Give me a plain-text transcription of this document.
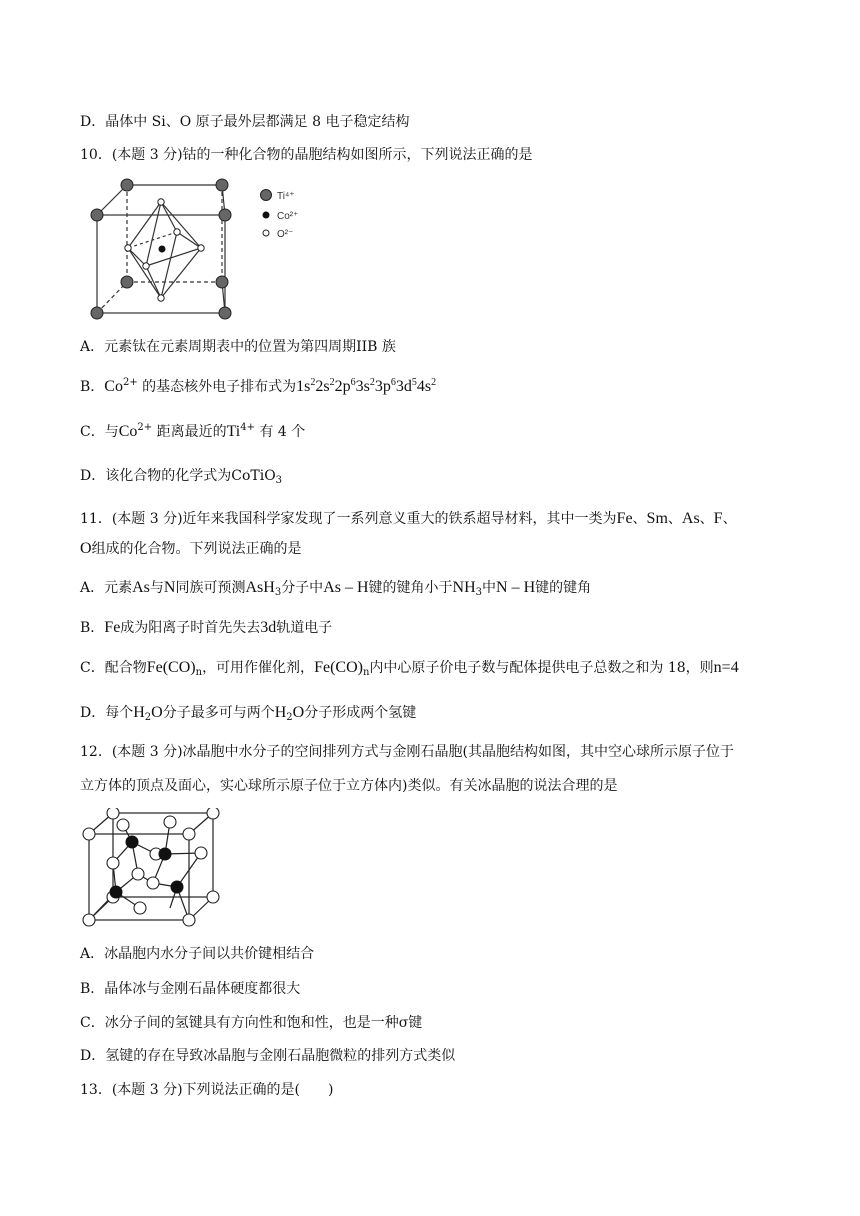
D．晶体中 Si、O 原子最外层都满足 8 电子稳定结构
10．(本题 3 分)钴的一种化合物的晶胞结构如图所示，下列说法正确的是
Ti⁴⁺
Co²⁺
O²⁻
A．元素钛在元素周期表中的位置为第四周期IIB 族
B．$Co^{2+}$ 的基态核外电子排布式为$1s^22s^22p^63s^23p^63d^54s^2$
C．与$Co^{2+}$ 距离最近的$Ti^{4+}$ 有 4 个
D．该化合物的化学式为CoTiO$_3$
11．(本题 3 分)近年来我国科学家发现了一系列意义重大的铁系超导材料，其中一类为Fe、Sm、As、F、
O组成的化合物。下列说法正确的是
A．元素As与N同族可预测AsH$_3$分子中As – H键的键角小于$NH_3$中N – H键的键角
B．Fe成为阳离子时首先失去3d轨道电子
C．配合物$Fe(CO)_n$，可用作催化剂，$Fe(CO)_n$内中心原子价电子数与配体提供电子总数之和为 18，则n=4
D．每个$H_2O$分子最多可与两个$H_2O$分子形成两个氢键
12．(本题 3 分)冰晶胞中水分子的空间排列方式与金刚石晶胞(其晶胞结构如图，其中空心球所示原子位于
立方体的顶点及面心，实心球所示原子位于立方体内)类似。有关冰晶胞的说法合理的是
A．冰晶胞内水分子间以共价键相结合
B．晶体冰与金刚石晶体硬度都很大
C．冰分子间的氢键具有方向性和饱和性，也是一种σ键
D．氢键的存在导致冰晶胞与金刚石晶胞微粒的排列方式类似
13．(本题 3 分)下列说法正确的是(　　)
